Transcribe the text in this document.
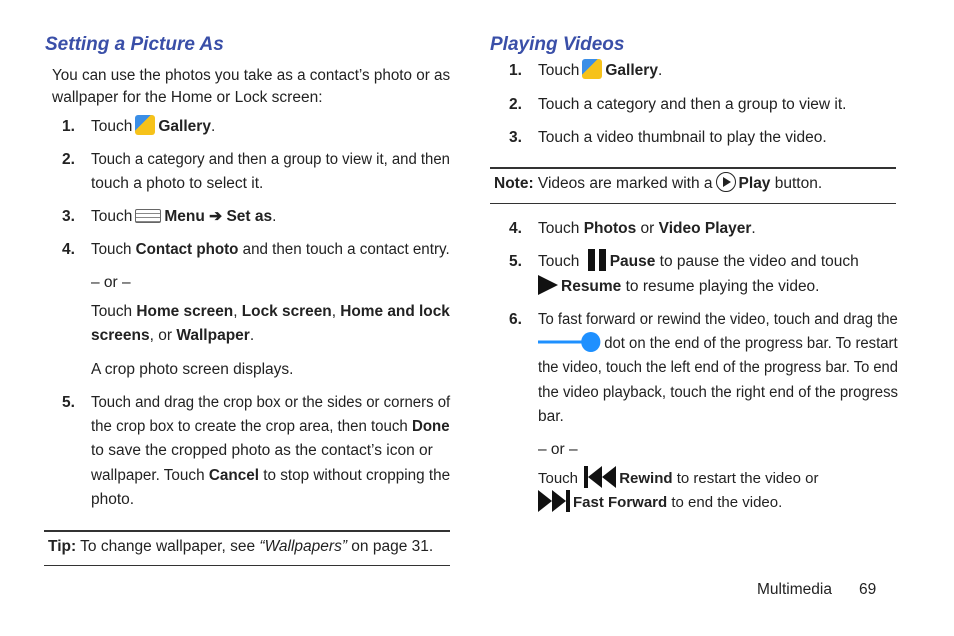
Setting a Picture As
You can use the photos you take as a contact’s photo or as
wallpaper for the Home or Lock screen:
1. Touch Gallery.
2. Touch a category and then a group to view it, and then
touch a photo to select it.
3. Touch Menu ➔ Set as.
4. Touch Contact photo and then touch a contact entry.
– or –
Touch Home screen, Lock screen, Home and lock
screens, or Wallpaper.
A crop photo screen displays.
5. Touch and drag the crop box or the sides or corners of
the crop box to create the crop area, then touch Done
to save the cropped photo as the contact’s icon or
wallpaper. Touch Cancel to stop without cropping the
photo.
Tip: To change wallpaper, see “Wallpapers” on page 31.
Playing Videos
1. Touch Gallery.
2. Touch a category and then a group to view it.
3. Touch a video thumbnail to play the video.
Note: Videos are marked with a Play button.
4. Touch Photos or Video Player.
5. Touch Pause to pause the video and touch
Resume to resume playing the video.
6. To fast forward or rewind the video, touch and drag the
dot on the end of the progress bar. To restart
the video, touch the left end of the progress bar. To end
the video playback, touch the right end of the progress
bar.
– or –
Touch	Rewind to restart the video or
Fast Forward to end the video.
Multimedia 69
